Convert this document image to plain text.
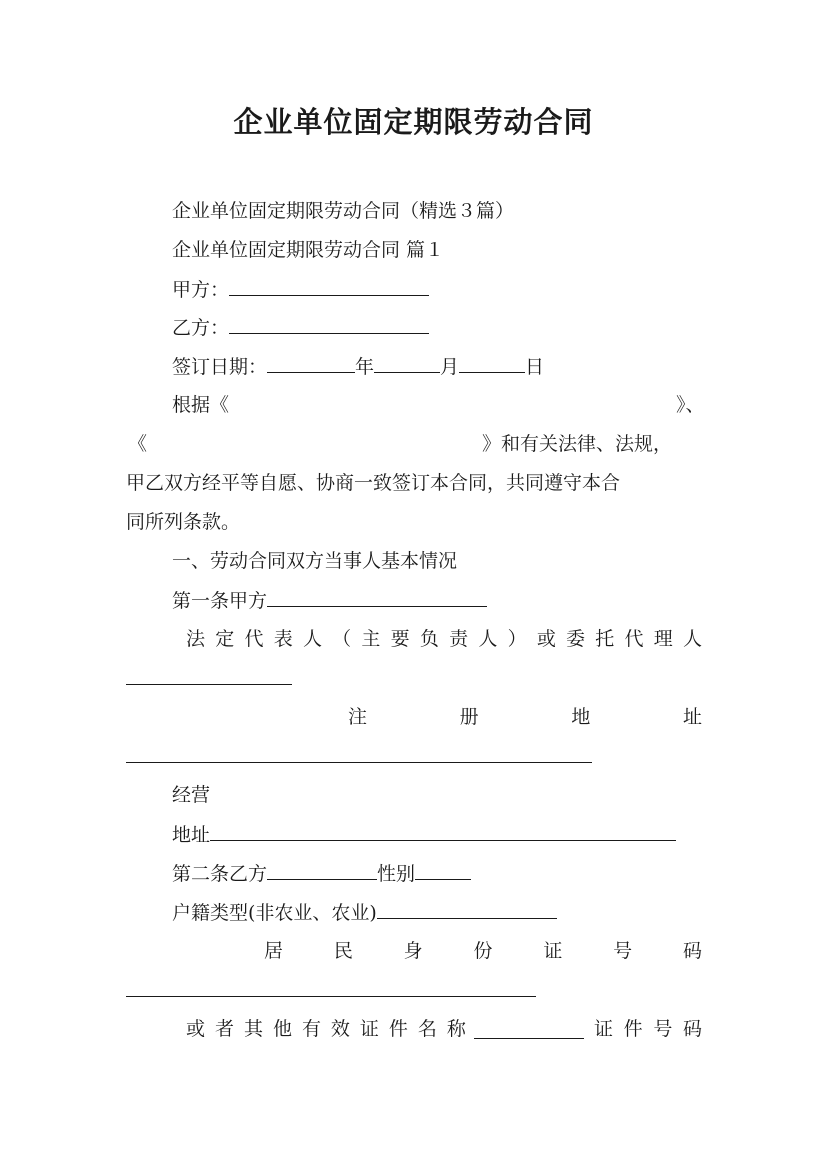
企业单位固定期限劳动合同
企业单位固定期限劳动合同（精选３篇）
企业单位固定期限劳动合同 篇１
甲方：
乙方：
签订日期：	年	月	日
根据《	》、
《	》和有关法律、法规，
甲乙双方经平等自愿、协商一致签订本合同，共同遵守本合
同所列条款。
一、劳动合同双方当事人基本情况
第一条甲方
法 定 代 表 人 （ 主 要 负 责 人 ） 或 委 托 代 理 人
注	册	地	址
经营
地址
第二条乙方	性别
户籍类型(非农业、农业)
居	民	身	份	证	号	码
或 者 其 他 有 效 证 件 名 称	证 件 号 码
